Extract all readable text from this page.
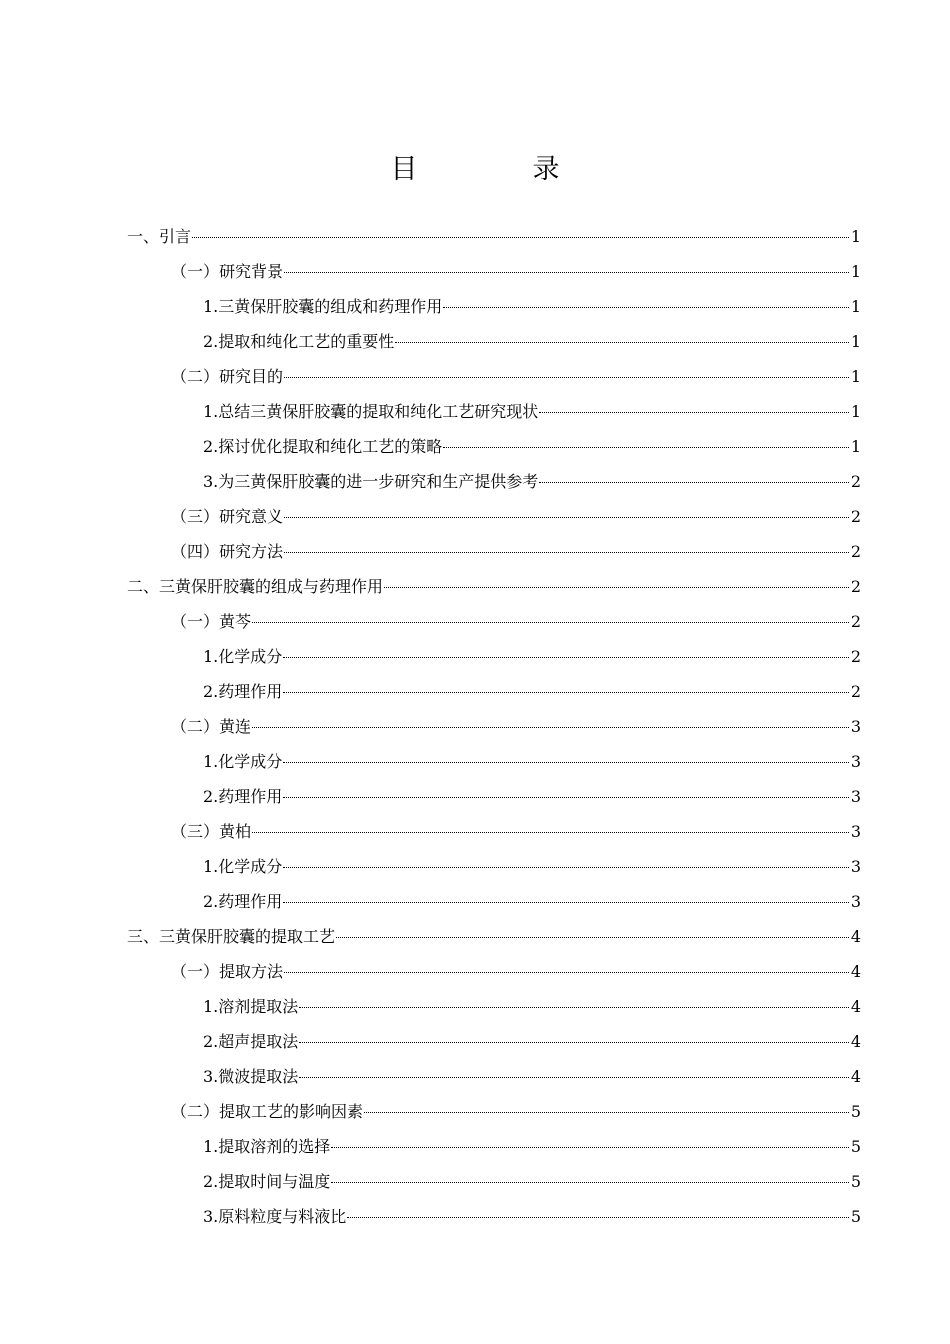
目　录
一、引言	1
（一）研究背景	1
1.三黄保肝胶囊的组成和药理作用	1
2.提取和纯化工艺的重要性	1
（二）研究目的	1
1.总结三黄保肝胶囊的提取和纯化工艺研究现状	1
2.探讨优化提取和纯化工艺的策略	1
3.为三黄保肝胶囊的进一步研究和生产提供参考	2
（三）研究意义	2
（四）研究方法	2
二、三黄保肝胶囊的组成与药理作用	2
（一）黄芩	2
1.化学成分	2
2.药理作用	2
（二）黄连	3
1.化学成分	3
2.药理作用	3
（三）黄柏	3
1.化学成分	3
2.药理作用	3
三、三黄保肝胶囊的提取工艺	4
（一）提取方法	4
1.溶剂提取法	4
2.超声提取法	4
3.微波提取法	4
（二）提取工艺的影响因素	5
1.提取溶剂的选择	5
2.提取时间与温度	5
3.原料粒度与料液比	5
